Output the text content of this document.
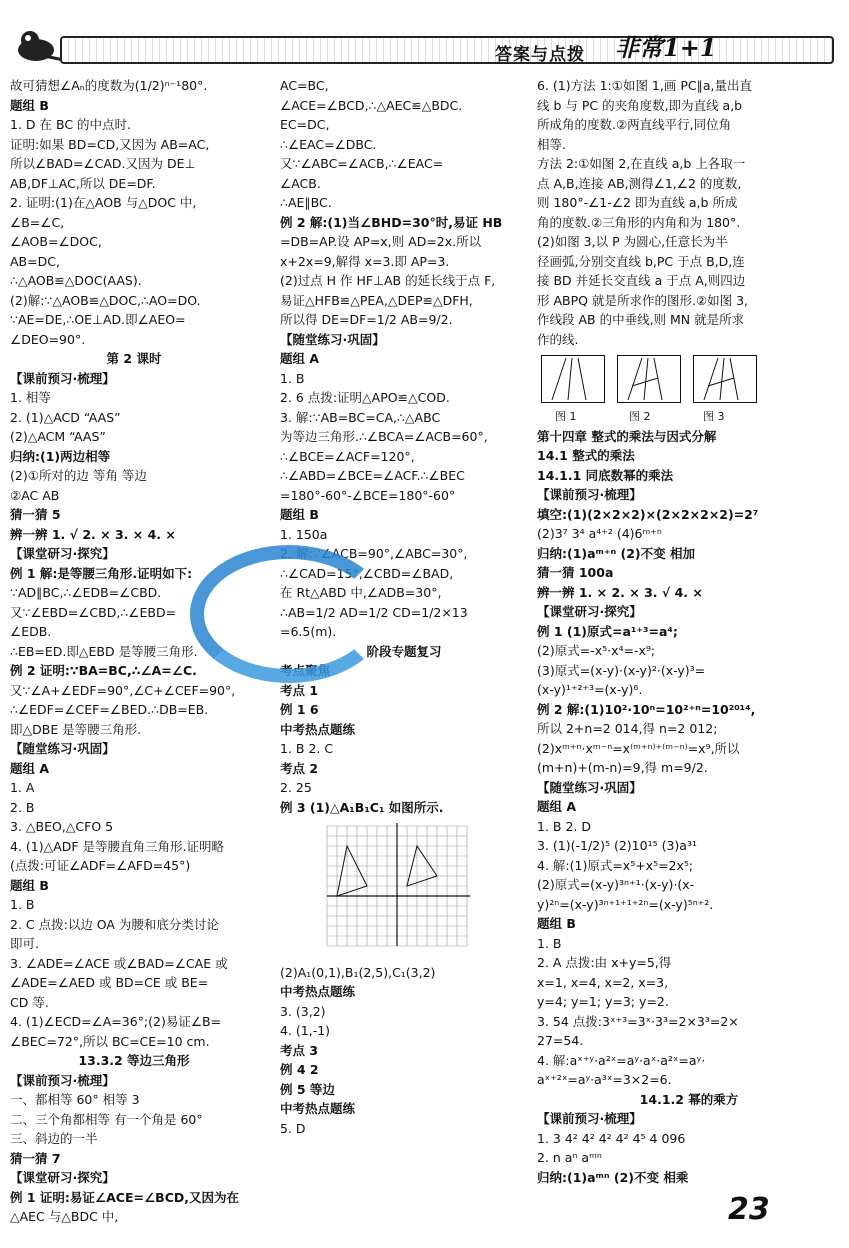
答案与点拨 非常1+1
故可猜想∠Aₙ的度数为(1/2)ⁿ⁻¹80°.
题组 B
1. D 在 BC 的中点时.
证明:如果 BD=CD,又因为 AB=AC,
所以∠BAD=∠CAD.又因为 DE⊥
AB,DF⊥AC,所以 DE=DF.
2. 证明:(1)在△AOB 与△DOC 中,
∠B=∠C,
∠AOB=∠DOC,
AB=DC,
∴△AOB≌△DOC(AAS).
(2)解:∵△AOB≌△DOC,∴AO=DO.
∵AE=DE,∴OE⊥AD.即∠AEO=
∠DEO=90°.
第 2 课时
【课前预习·梳理】
1. 相等
2. (1)△ACD “AAS”
(2)△ACM “AAS”
归纳:(1)两边相等
(2)①所对的边 等角 等边
②AC AB
猜一猜 5
辨一辨 1. √ 2. × 3. × 4. ×
【课堂研习·探究】
例 1 解:是等腰三角形.证明如下:
∵AD∥BC,∴∠EDB=∠CBD.
又∵∠EBD=∠CBD,∴∠EBD=
∠EDB.
∴EB=ED.即△EBD 是等腰三角形.
例 2 证明:∵BA=BC,∴∠A=∠C.
又∵∠A+∠EDF=90°,∠C+∠CEF=90°,
∴∠EDF=∠CEF=∠BED.∴DB=EB.
即△DBE 是等腰三角形.
【随堂练习·巩固】
题组 A
1. A
2. B
3. △BEO,△CFO 5
4. (1)△ADF 是等腰直角三角形.证明略
(点拨:可证∠ADF=∠AFD=45°)
题组 B
1. B
2. C 点拨:以边 OA 为腰和底分类讨论
即可.
3. ∠ADE=∠ACE 或∠BAD=∠CAE 或
∠ADE=∠AED 或 BD=CE 或 BE=
CD 等.
4. (1)∠ECD=∠A=36°;(2)易证∠B=
∠BEC=72°,所以 BC=CE=10 cm.
13.3.2 等边三角形
【课前预习·梳理】
一、都相等 60° 相等 3
二、三个角都相等 有一个角是 60°
三、斜边的一半
猜一猜 7
【课堂研习·探究】
例 1 证明:易证∠ACE=∠BCD,又因为在
△AEC 与△BDC 中,
AC=BC,
∠ACE=∠BCD,∴△AEC≌△BDC.
EC=DC,
∴∠EAC=∠DBC.
又∵∠ABC=∠ACB,∴∠EAC=
∠ACB.
∴AE∥BC.
例 2 解:(1)当∠BHD=30°时,易证 HB
=DB=AP.设 AP=x,则 AD=2x.所以
x+2x=9,解得 x=3.即 AP=3.
(2)过点 H 作 HF⊥AB 的延长线于点 F,
易证△HFB≌△PEA,△DEP≌△DFH,
所以得 DE=DF=1/2 AB=9/2.
【随堂练习·巩固】
题组 A
1. B
2. 6 点拨:证明△APO≌△COD.
3. 解:∵AB=BC=CA,∴△ABC
为等边三角形.∴∠BCA=∠ACB=60°,
∴∠BCE=∠ACF=120°,
∴∠ABD=∠BCE=∠ACF.∴∠BEC
=180°-60°-∠BCE=180°-60°
题组 B
1. 150a
2. 解:∵∠ACB=90°,∠ABC=30°,
∴∠CAD=15°,∠CBD=∠BAD,
在 Rt△ABD 中,∠ADB=30°,
∴AB=1/2 AD=1/2 CD=1/2×13
=6.5(m).
阶段专题复习
考点聚焦
考点 1
例 1 6
中考热点题练
1. B 2. C
考点 2
2. 25
例 3 (1)△A₁B₁C₁ 如图所示.
(2)A₁(0,1),B₁(2,5),C₁(3,2)
中考热点题练
3. (3,2)
4. (1,-1)
考点 3
例 4 2
例 5 等边
中考热点题练
5. D
6. (1)方法 1:①如图 1,画 PC∥a,量出直
线 b 与 PC 的夹角度数,即为直线 a,b
所成角的度数.②两直线平行,同位角
相等.
方法 2:①如图 2,在直线 a,b 上各取一
点 A,B,连接 AB,测得∠1,∠2 的度数,
则 180°-∠1-∠2 即为直线 a,b 所成
角的度数.②三角形的内角和为 180°.
(2)如图 3,以 P 为圆心,任意长为半
径画弧,分别交直线 b,PC 于点 B,D,连
接 BD 并延长交直线 a 于点 A,则四边
形 ABPQ 就是所求作的图形.②如图 3,
作线段 AB 的中垂线,则 MN 就是所求
作的线.
图 1	图 2	图 3
第十四章 整式的乘法与因式分解
14.1 整式的乘法
14.1.1 同底数幂的乘法
【课前预习·梳理】
填空:(1)(2×2×2)×(2×2×2×2)=2⁷
(2)3⁷ 3⁴ a⁴⁺² (4)6ᵐ⁺ⁿ
归纳:(1)aᵐ⁺ⁿ (2)不变 相加
猜一猜 100a
辨一辨 1. × 2. × 3. √ 4. ×
【课堂研习·探究】
例 1 (1)原式=a¹⁺³=a⁴;
(2)原式=-x⁵·x⁴=-x⁹;
(3)原式=(x-y)·(x-y)²·(x-y)³=
(x-y)¹⁺²⁺³=(x-y)⁶.
例 2 解:(1)10²·10ⁿ=10²⁺ⁿ=10²⁰¹⁴,
所以 2+n=2 014,得 n=2 012;
(2)xᵐ⁺ⁿ·xᵐ⁻ⁿ=x⁽ᵐ⁺ⁿ⁾⁺⁽ᵐ⁻ⁿ⁾=x⁹,所以
(m+n)+(m-n)=9,得 m=9/2.
【随堂练习·巩固】
题组 A
1. B 2. D
3. (1)(-1/2)⁵ (2)10¹⁵ (3)a³¹
4. 解:(1)原式=x⁵+x⁵=2x⁵;
(2)原式=(x-y)³ⁿ⁺¹·(x-y)·(x-
y)²ⁿ=(x-y)³ⁿ⁺¹⁺¹⁺²ⁿ=(x-y)⁵ⁿ⁺².
题组 B
1. B
2. A 点拨:由 x+y=5,得
x=1, x=4, x=2, x=3,
y=4; y=1; y=3; y=2.
3. 54 点拨:3ˣ⁺³=3ˣ·3³=2×3³=2×
27=54.
4. 解:aˣ⁺ʸ·a²ˣ=aʸ·aˣ·a²ˣ=aʸ·
aˣ⁺²ˣ=aʸ·a³ˣ=3×2=6.
14.1.2 幂的乘方
【课前预习·梳理】
1. 3 4² 4² 4² 4² 4⁵ 4 096
2. n aⁿ aᵐⁿ
归纳:(1)aᵐⁿ (2)不变 相乘
23
